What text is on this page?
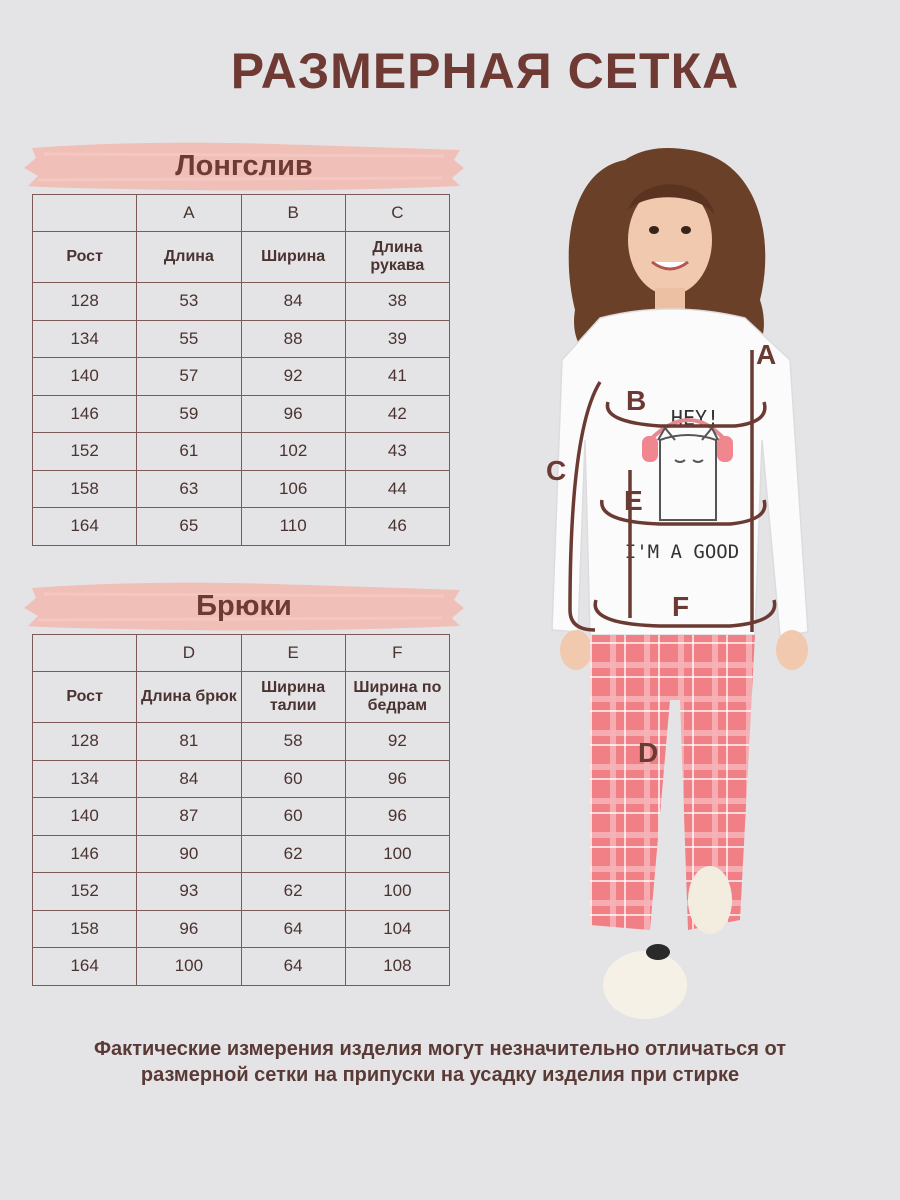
РАЗМЕРНАЯ СЕТКА
Лонгслив
	A	B	C
Рост	Длина	Ширина	Длина рукава
128	53	84	38
134	55	88	39
140	57	92	41
146	59	96	42
152	61	102	43
158	63	106	44
164	65	110	46
Брюки
	D	E	F
Рост	Длина брюк	Ширина талии	Ширина по бедрам
128	81	58	92
134	84	60	96
140	87	60	96
146	90	62	100
152	93	62	100
158	96	64	104
164	100	64	108
HEY!
I'M A GOOD
A
B
C
E
F
D
Фактические измерения изделия могут незначительно отличаться от размерной сетки на припуски на усадку изделия при стирке
